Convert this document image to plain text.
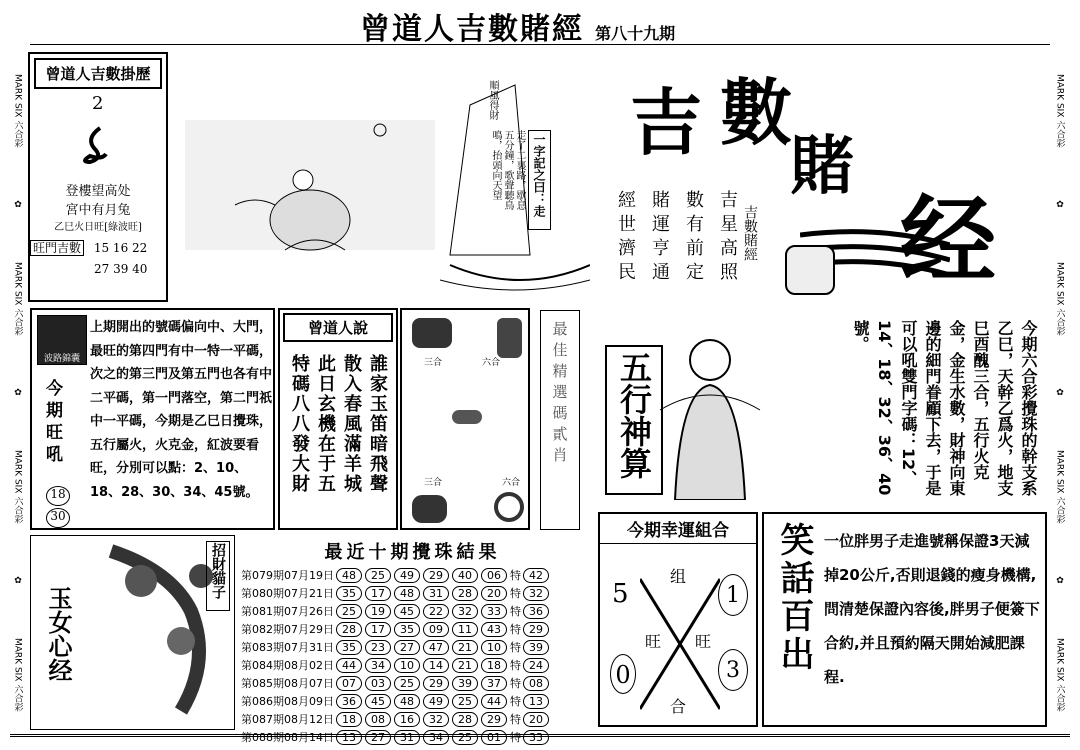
曾道人吉數賭經 第八十九期
MARK SIX 六合彩
✿
MARK SIX 六合彩
✿
MARK SIX 六合彩
✿
MARK SIX 六合彩
MARK SIX 六合彩
✿
MARK SIX 六合彩
✿
MARK SIX 六合彩
✿
MARK SIX 六合彩
曾道人吉數掛歷
2
登樓望高处
宮中有月兔
乙巳火日旺[綠波旺]
旺門吉數 15 16 22
27 39 40
順風得財
走了二裏路，歇息五分鐘，歌聲聽鳥鳴，抬頭向天望	一字記之曰：走
吉 數
賭
经
吉數賭經
吉星高照
數有前定
賭運亨通
經世濟民
波路錦囊
今期旺吼
18
30
上期開出的號碼偏向中、大門，最旺的第四門有中一特一平碼，次之的第三門及第五門也各有中二平碼，第一門落空，第二門祇中一平碼，今期是乙巳日攪珠，五行屬火，火克金，紅波要看旺，分別可以點：2、10、18、28、30、34、45號。
曾道人說
誰家玉笛暗飛聲
散入春風滿羊城
此日玄機在于五
特碼八八發大財	三合	六合
三合	六合
最佳精選碼貳肖	五行神算	今期六合彩攪珠的幹支系乙巳，天幹乙爲火，地支巳酉醜三合，五行火克金，金生水數，財神向東邊的細門眷顧下去，于是可以吼雙門字碼：12、14、18、32、36、40號。
玉女心经
招財貓子	最近十期攪珠結果
第079期07月19日	48	25	49	29	40	06	特	42
第080期07月21日	35	17	48	31	28	20	特	32
第081期07月26日	25	19	45	22	32	33	特	36
第082期07月29日	28	17	35	09	11	43	特	29
第083期07月31日	35	23	27	47	21	10	特	39
第084期08月02日	44	34	10	14	21	18	特	24
第085期08月07日	07	03	25	29	39	37	特	08
第086期08月09日	36	45	48	49	25	44	特	13
第087期08月12日	18	08	16	32	28	29	特	20
第088期08月14日	13	27	31	34	25	01	特	33
今期幸運組合
5
0
1
3
组
旺 旺
合
笑話百出 一位胖男子走進號稱保證3天減掉20公斤,否則退錢的瘦身機構,問清楚保證內容後,胖男子便簽下合約,并且預約隔天開始減肥課程.
